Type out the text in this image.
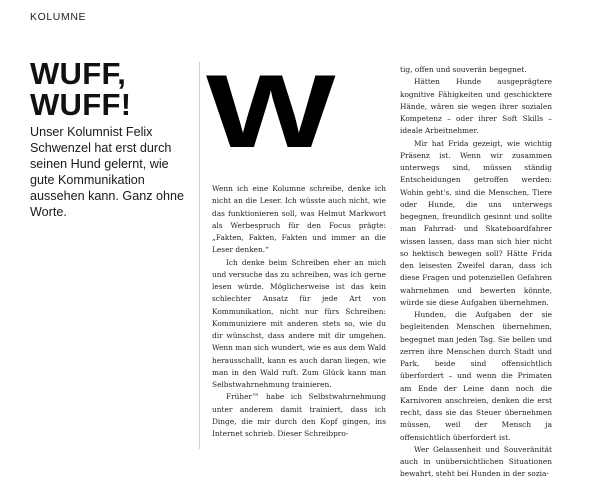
KOLUMNE
WUFF,
WUFF!

Unser Kolumnist Felix Schwenzel hat erst durch seinen Hund gelernt, wie gute Kommunikation aussehen kann. Ganz ohne Worte.

W

Wenn ich eine Kolumne schreibe, denke ich nicht an die Leser. Ich wüsste auch nicht, wie das funktionieren soll, was Helmut Markwort als Werbespruch für den Focus prägte: „Fakten, Fakten, Fakten und immer an die Leser denken.“

Ich denke beim Schreiben eher an mich und versuche das zu schreiben, was ich gerne lesen würde. Möglicherweise ist das kein schlechter Ansatz für jede Art von Kommunikation, nicht nur fürs Schreiben: Kommuniziere mit anderen stets so, wie du dir wünschst, dass andere mit dir umgehen. Wenn man sich wundert, wie es aus dem Wald herausschallt, kann es auch daran liegen, wie man in den Wald ruft. Zum Glück kann man Selbstwahrnehmung trainieren.

Früher™ habe ich Selbstwahrnehmung unter anderem damit trainiert, dass ich Dinge, die mir durch den Kopf gingen, ins Internet schrieb. Dieser Schreibpro-

tig, offen und souverän begegnet.

Hätten Hunde ausgeprägtere kognitive Fähigkeiten und geschicktere Hände, wären sie wegen ihrer sozialen Kompetenz – oder ihrer Soft Skills – ideale Arbeitnehmer.

Mir hat Frida gezeigt, wie wichtig Präsenz ist. Wenn wir zusammen unterwegs sind, müssen ständig Entscheidungen getroffen werden: Wohin geht's, sind die Menschen, Tiere oder Hunde, die uns unterwegs begegnen, freundlich gesinnt und sollte man Fahrrad- und Skateboardfahrer wissen lassen, dass man sich hier nicht so hektisch bewegen soll? Hätte Frida den leisesten Zweifel daran, dass ich diese Fragen und potenziellen Gefahren wahrnehmen und bewerten könnte, würde sie diese Aufgaben übernehmen.

Hunden, die Aufgaben der sie begleitenden Menschen übernehmen, begegnet man jeden Tag. Sie bellen und zerren ihre Menschen durch Stadt und Park, beide sind offensichtlich überfordert – und wenn die Primaten am Ende der Leine dann noch die Karnivoren anschreien, denken die erst recht, dass sie das Steuer übernehmen müssen, weil der Mensch ja offensichtlich überfordert ist.

Wer Gelassenheit und Souveränität auch in unübersichtlichen Situationen bewahrt, steht bei Hunden in der sozia-
